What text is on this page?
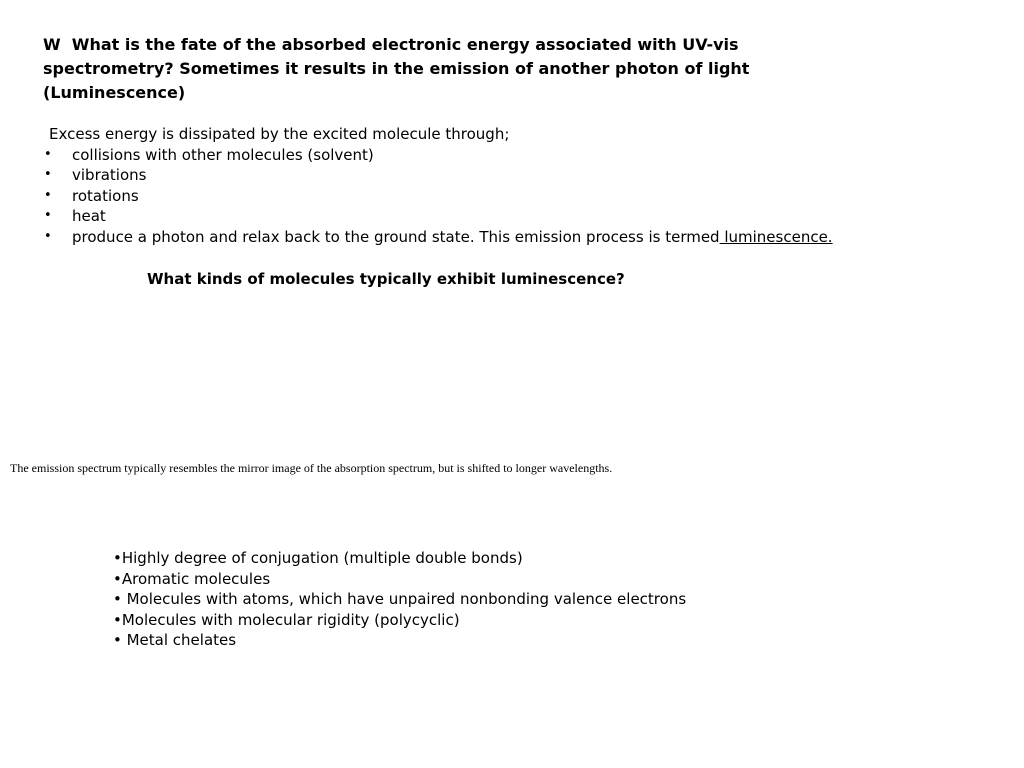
W What is the fate of the absorbed electronic energy associated with UV-vis spectrometry? Sometimes it results in the emission of another photon of light (Luminescence)

Excess energy is dissipated by the excited molecule through;

• collisions with other molecules (solvent)
• vibrations
• rotations
• heat
• produce a photon and relax back to the ground state. This emission process is termed luminescence.

What kinds of molecules typically exhibit luminescence?

The emission spectrum typically resembles the mirror image of the absorption spectrum, but is shifted to longer wavelengths.

•Highly degree of conjugation (multiple double bonds)
•Aromatic molecules
• Molecules with atoms, which have unpaired nonbonding valence electrons
•Molecules with molecular rigidity (polycyclic)
• Metal chelates
